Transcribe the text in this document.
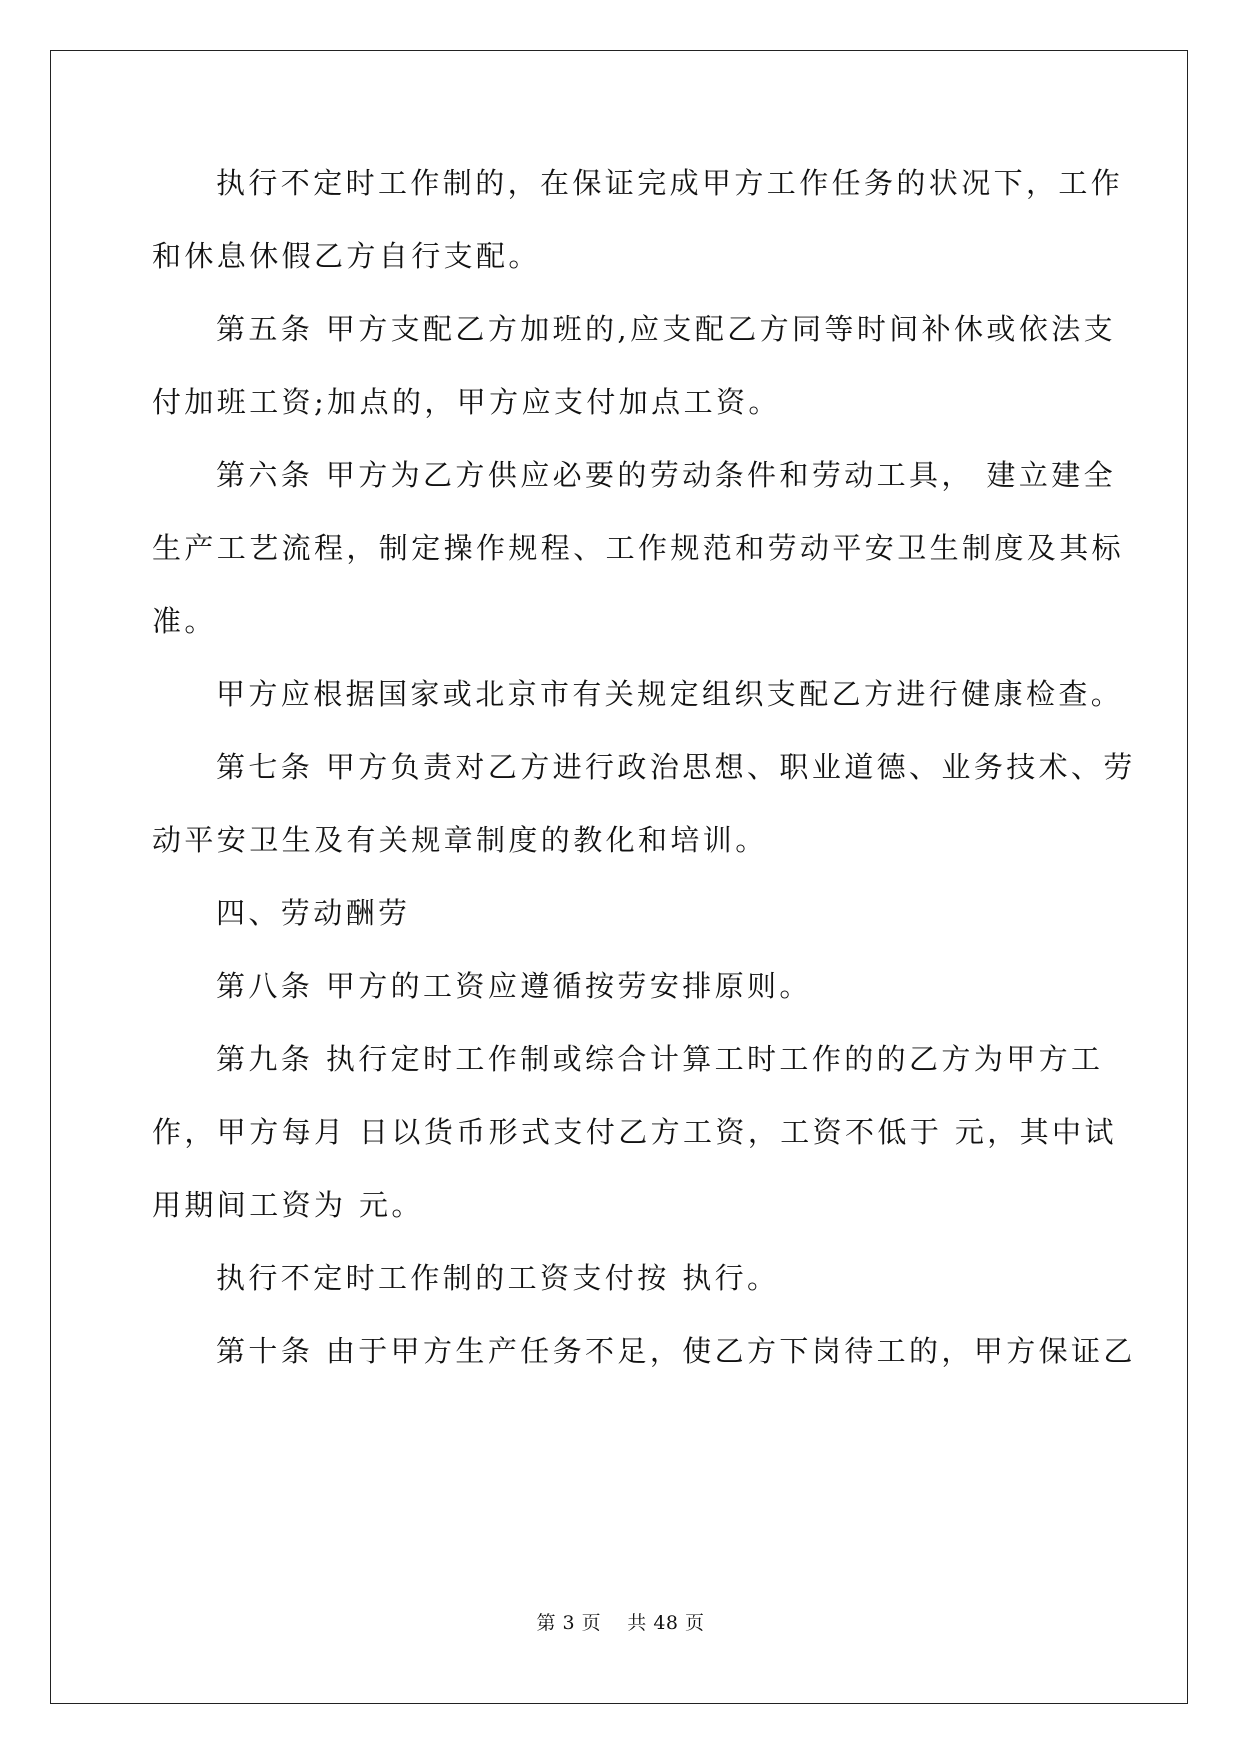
执行不定时工作制的，在保证完成甲方工作任务的状况下，工作
和休息休假乙方自行支配。
第五条 甲方支配乙方加班的,应支配乙方同等时间补休或依法支
付加班工资;加点的，甲方应支付加点工资。
第六条 甲方为乙方供应必要的劳动条件和劳动工具， 建立建全
生产工艺流程，制定操作规程、工作规范和劳动平安卫生制度及其标
准。
甲方应根据国家或北京市有关规定组织支配乙方进行健康检查。
第七条 甲方负责对乙方进行政治思想、职业道德、业务技术、劳
动平安卫生及有关规章制度的教化和培训。
四、劳动酬劳
第八条 甲方的工资应遵循按劳安排原则。
第九条 执行定时工作制或综合计算工时工作的的乙方为甲方工
作，甲方每月 日以货币形式支付乙方工资，工资不低于 元，其中试
用期间工资为 元。
执行不定时工作制的工资支付按 执行。
第十条 由于甲方生产任务不足，使乙方下岗待工的，甲方保证乙
第 3 页    共 48 页
